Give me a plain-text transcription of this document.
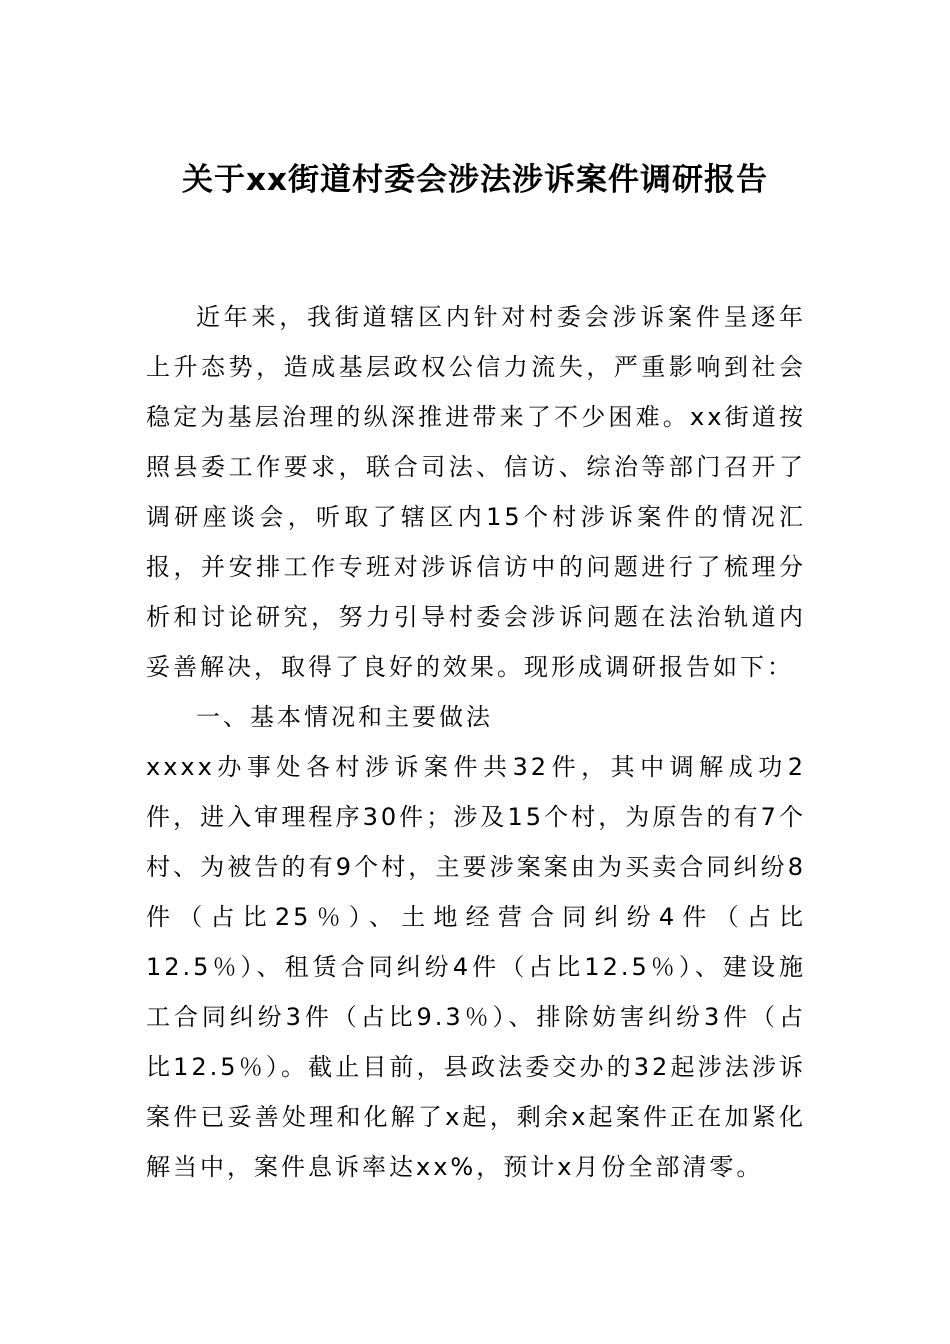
关于xx街道村委会涉法涉诉案件调研报告

近年来，我街道辖区内针对村委会涉诉案件呈逐年上升态势，造成基层政权公信力流失，严重影响到社会稳定为基层治理的纵深推进带来了不少困难。xx街道按照县委工作要求，联合司法、信访、综治等部门召开了调研座谈会，听取了辖区内15个村涉诉案件的情况汇报，并安排工作专班对涉诉信访中的问题进行了梳理分析和讨论研究，努力引导村委会涉诉问题在法治轨道内妥善解决，取得了良好的效果。现形成调研报告如下：

一、基本情况和主要做法

xxxx办事处各村涉诉案件共32件，其中调解成功2件，进入审理程序30件；涉及15个村，为原告的有7个村、为被告的有9个村，主要涉案案由为买卖合同纠纷8件（占比25％）、土地经营合同纠纷4件（占比12.5％）、租赁合同纠纷4件（占比12.5％）、建设施工合同纠纷3件（占比9.3％）、排除妨害纠纷3件（占比12.5％）。截止目前，县政法委交办的32起涉法涉诉案件已妥善处理和化解了x起，剩余x起案件正在加紧化解当中，案件息诉率达xx%，预计x月份全部清零。
